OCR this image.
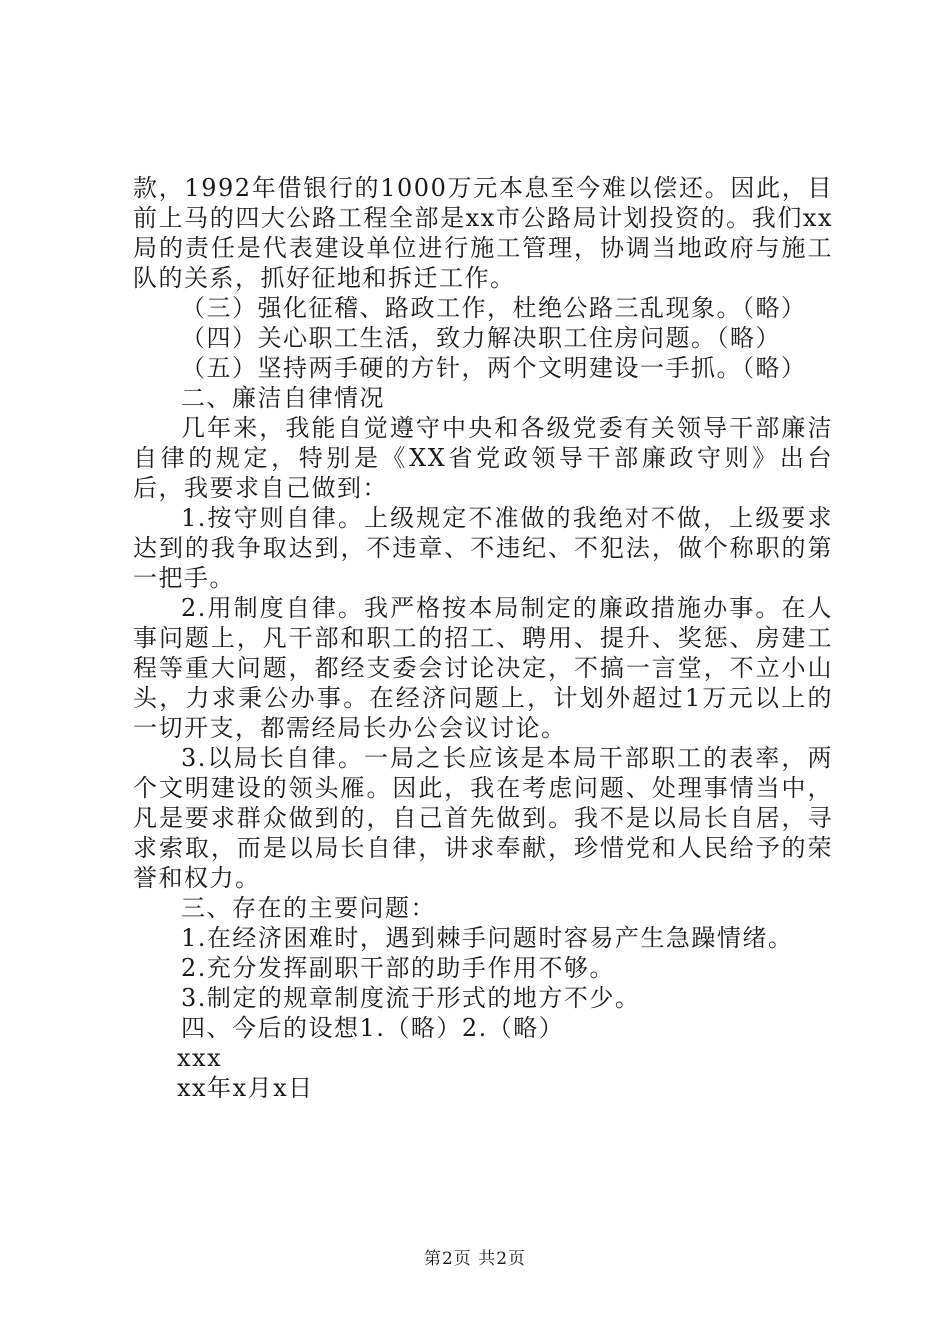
款，1992年借银行的1000万元本息至今难以偿还。因此，目前上马的四大公路工程全部是xx市公路局计划投资的。我们xx局的责任是代表建设单位进行施工管理，协调当地政府与施工队的关系，抓好征地和拆迁工作。

（三）强化征稽、路政工作，杜绝公路三乱现象。（略）

（四）关心职工生活，致力解决职工住房问题。（略）

（五）坚持两手硬的方针，两个文明建设一手抓。（略）

二、廉洁自律情况

几年来，我能自觉遵守中央和各级党委有关领导干部廉洁自律的规定，特别是《XX省党政领导干部廉政守则》出台后，我要求自己做到：

1.按守则自律。上级规定不准做的我绝对不做，上级要求达到的我争取达到，不违章、不违纪、不犯法，做个称职的第一把手。

2.用制度自律。我严格按本局制定的廉政措施办事。在人事问题上，凡干部和职工的招工、聘用、提升、奖惩、房建工程等重大问题，都经支委会讨论决定，不搞一言堂，不立小山头，力求秉公办事。在经济问题上，计划外超过1万元以上的一切开支，都需经局长办公会议讨论。

3.以局长自律。一局之长应该是本局干部职工的表率，两个文明建设的领头雁。因此，我在考虑问题、处理事情当中，凡是要求群众做到的，自己首先做到。我不是以局长自居，寻求索取，而是以局长自律，讲求奉献，珍惜党和人民给予的荣誉和权力。

三、存在的主要问题：

1.在经济困难时，遇到棘手问题时容易产生急躁情绪。

2.充分发挥副职干部的助手作用不够。

3.制定的规章制度流于形式的地方不少。

四、今后的设想1.（略）2.（略）

xxx

xx年x月x日

第2页 共2页
